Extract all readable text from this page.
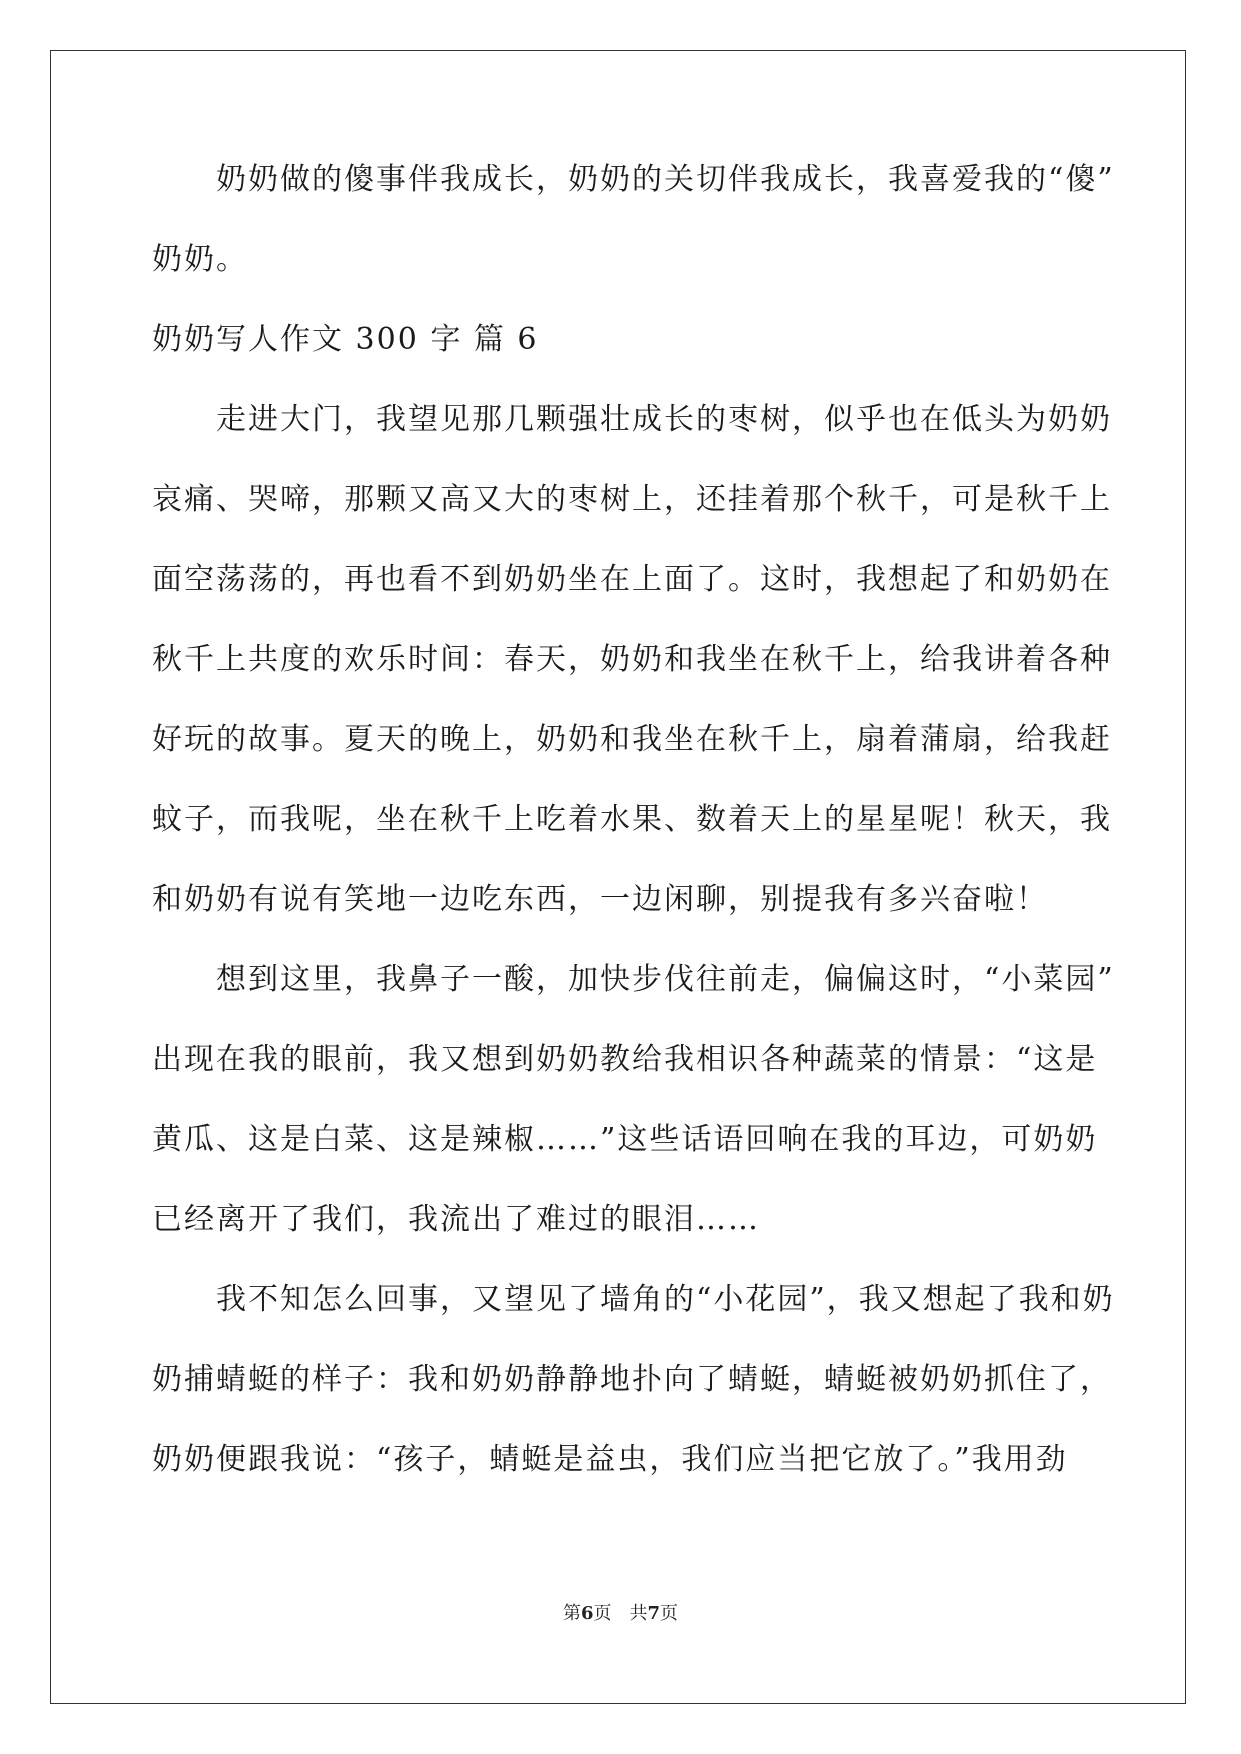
　　奶奶做的傻事伴我成长，奶奶的关切伴我成长，我喜爱我的“傻”
奶奶。
奶奶写人作文 300 字 篇 6
　　走进大门，我望见那几颗强壮成长的枣树，似乎也在低头为奶奶
哀痛、哭啼，那颗又高又大的枣树上，还挂着那个秋千，可是秋千上
面空荡荡的，再也看不到奶奶坐在上面了。这时，我想起了和奶奶在
秋千上共度的欢乐时间：春天，奶奶和我坐在秋千上，给我讲着各种
好玩的故事。夏天的晚上，奶奶和我坐在秋千上，扇着蒲扇，给我赶
蚊子，而我呢，坐在秋千上吃着水果、数着天上的星星呢！秋天，我
和奶奶有说有笑地一边吃东西，一边闲聊，别提我有多兴奋啦！
　　想到这里，我鼻子一酸，加快步伐往前走，偏偏这时，“小菜园”
出现在我的眼前，我又想到奶奶教给我相识各种蔬菜的情景：“这是
黄瓜、这是白菜、这是辣椒……”这些话语回响在我的耳边，可奶奶
已经离开了我们，我流出了难过的眼泪……
　　我不知怎么回事，又望见了墙角的“小花园”，我又想起了我和奶
奶捕蜻蜓的样子：我和奶奶静静地扑向了蜻蜓，蜻蜓被奶奶抓住了，
奶奶便跟我说：“孩子，蜻蜓是益虫，我们应当把它放了。”我用劲
第6页 共7页
